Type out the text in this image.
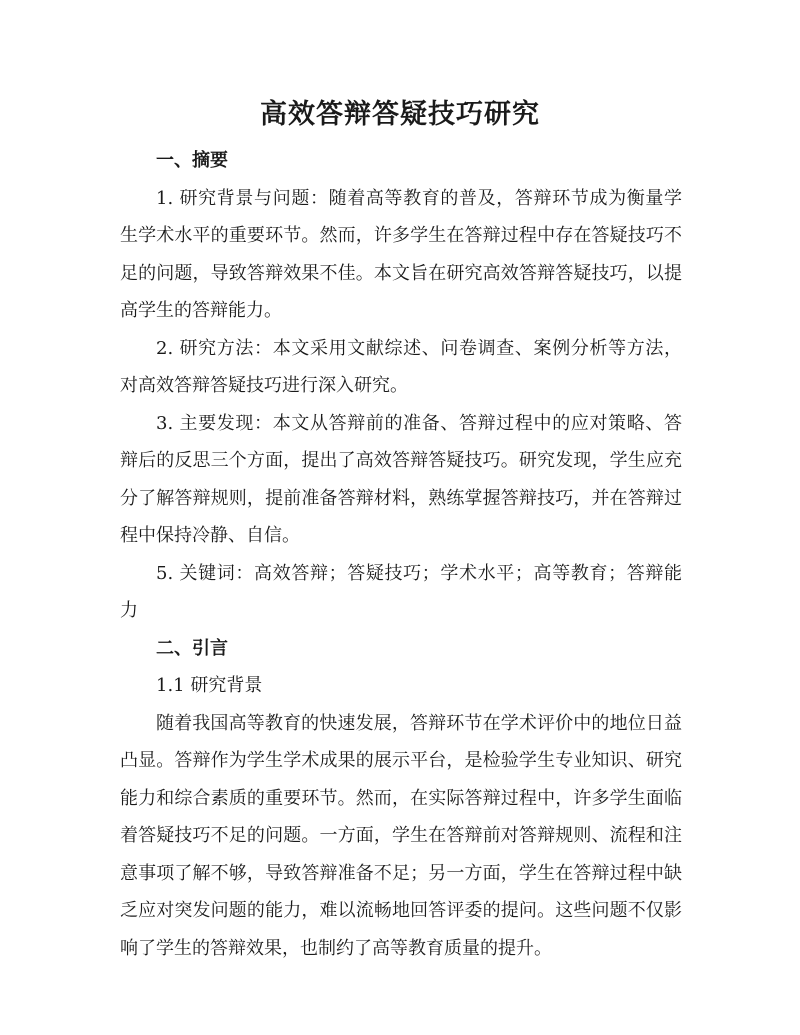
高效答辩答疑技巧研究

一、摘要

1. 研究背景与问题：随着高等教育的普及，答辩环节成为衡量学生学术水平的重要环节。然而，许多学生在答辩过程中存在答疑技巧不足的问题，导致答辩效果不佳。本文旨在研究高效答辩答疑技巧，以提高学生的答辩能力。

2. 研究方法：本文采用文献综述、问卷调查、案例分析等方法，对高效答辩答疑技巧进行深入研究。

3. 主要发现：本文从答辩前的准备、答辩过程中的应对策略、答辩后的反思三个方面，提出了高效答辩答疑技巧。研究发现，学生应充分了解答辩规则，提前准备答辩材料，熟练掌握答辩技巧，并在答辩过程中保持冷静、自信。

5. 关键词：高效答辩；答疑技巧；学术水平；高等教育；答辩能力

二、引言

1.1 研究背景

随着我国高等教育的快速发展，答辩环节在学术评价中的地位日益凸显。答辩作为学生学术成果的展示平台，是检验学生专业知识、研究能力和综合素质的重要环节。然而，在实际答辩过程中，许多学生面临着答疑技巧不足的问题。一方面，学生在答辩前对答辩规则、流程和注意事项了解不够，导致答辩准备不足；另一方面，学生在答辩过程中缺乏应对突发问题的能力，难以流畅地回答评委的提问。这些问题不仅影响了学生的答辩效果，也制约了高等教育质量的提升。
